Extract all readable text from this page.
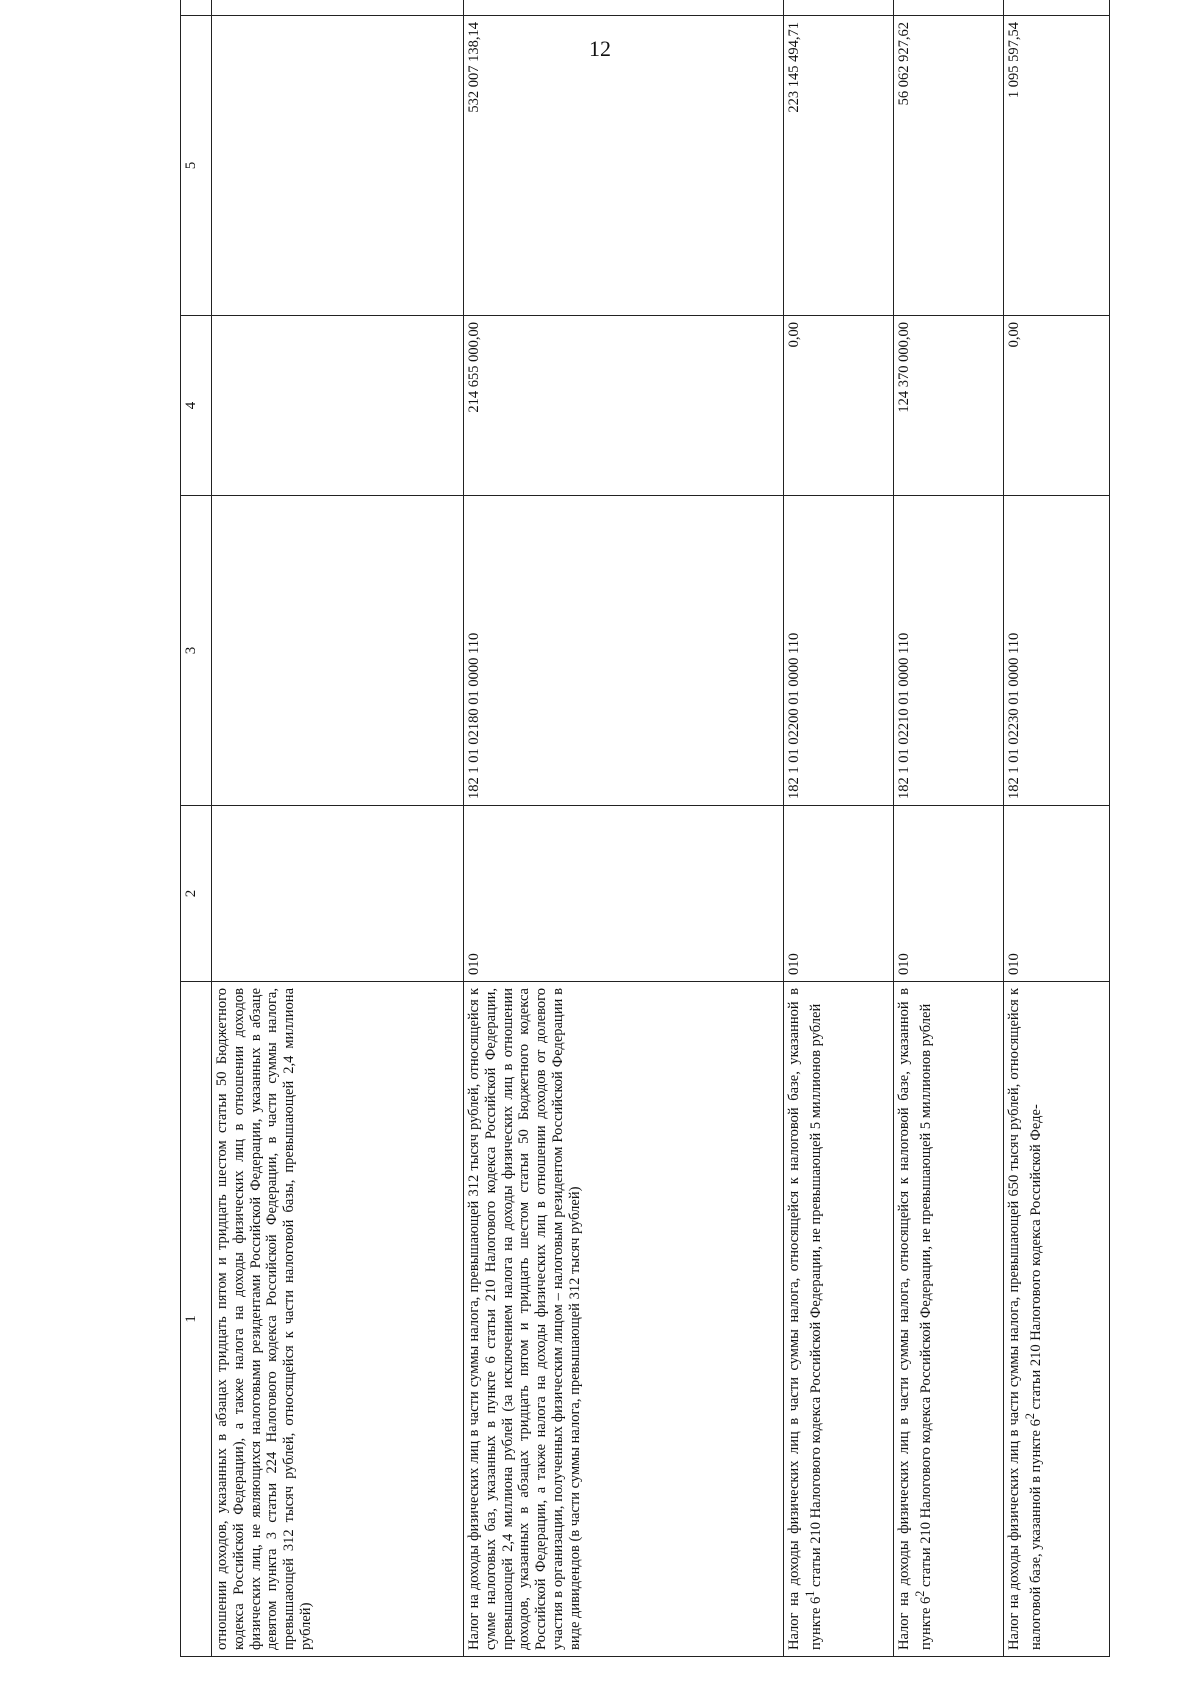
12
1	2	3	4	5	
отношении доходов, указанных в абзацах тридцать пятом и тридцать шестом статьи 50 Бюджетного кодекса Российской Федерации), а также налога на доходы физических лиц в отношении доходов физических лиц, не являющихся налоговыми резидентами Российской Федерации, указанных в абзаце девятом пункта 3 статьи 224 Налогового кодекса Российской Федерации, в части суммы налога, превышающей 312 тысяч рублей, относящейся к части налоговой базы, превышающей 2,4 миллиона рублей)					
Налог на доходы физических лиц в части суммы налога, превышающей 312 тысяч рублей, относящейся к сумме налоговых баз, указанных в пункте 6 статьи 210 Налогового кодекса Российской Федерации, превышающей 2,4 миллиона рублей (за исключением налога на доходы физических лиц в отношении доходов, указанных в абзацах тридцать пятом и тридцать шестом статьи 50 Бюджетного кодекса Российской Федерации, а также налога на доходы физических лиц в отношении доходов от долевого участия в организации, полученных физическим лицом – налоговым резидентом Российской Федерации в виде дивидендов (в части суммы налога, превышающей 312 тысяч рублей)	010	182 1 01 02180 01 0000 110	214 655 000,00	532 007 138,14	
Налог на доходы физических лиц в части суммы налога, относящейся к налоговой базе, указанной в пункте $6^1$ статьи 210 Налогового кодекса Российской Федерации, не превышающей 5 миллионов рублей	010	182 1 01 02200 01 0000 110	0,00	223 145 494,71	
Налог на доходы физических лиц в части суммы налога, относящейся к налоговой базе, указанной в пункте $6^2$ статьи 210 Налогового кодекса Российской Федерации, не превышающей 5 миллионов рублей	010	182 1 01 02210 01 0000 110	124 370 000,00	56 062 927,62	
Налог на доходы физических лиц в части суммы налога, превышающей 650 тысяч рублей, относящейся к налоговой базе, указанной в пункте $6^2$ статьи 210 Налогового кодекса Российской Феде-	010	182 1 01 02230 01 0000 110	0,00	1 095 597,54	
